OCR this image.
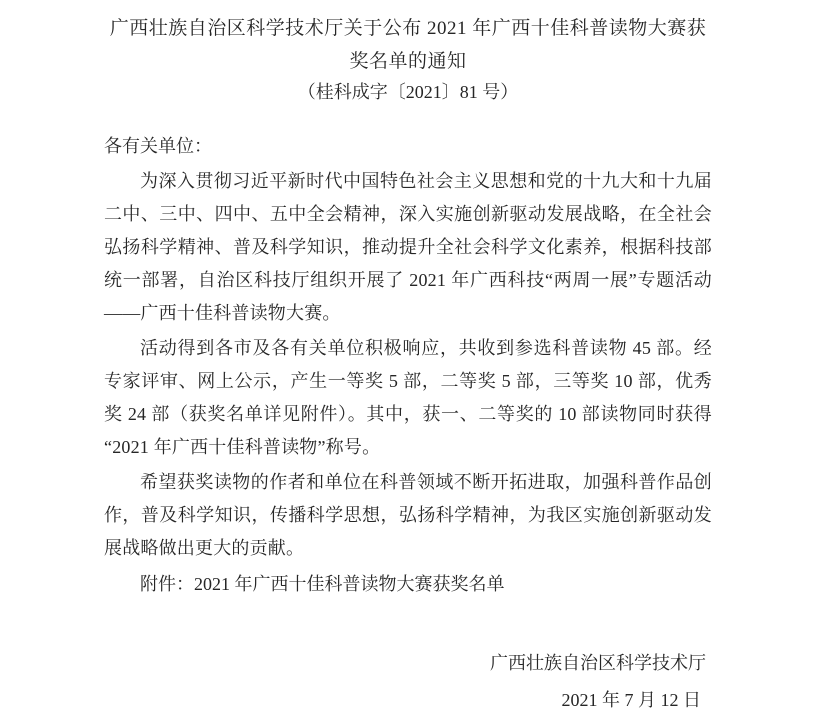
广西壮族自治区科学技术厅关于公布 2021 年广西十佳科普读物大赛获奖名单的通知
（桂科成字〔2021〕81 号）
各有关单位：

为深入贯彻习近平新时代中国特色社会主义思想和党的十九大和十九届二中、三中、四中、五中全会精神，深入实施创新驱动发展战略，在全社会弘扬科学精神、普及科学知识，推动提升全社会科学文化素养，根据科技部统一部署，自治区科技厅组织开展了 2021 年广西科技“两周一展”专题活动——广西十佳科普读物大赛。

活动得到各市及各有关单位积极响应，共收到参选科普读物 45 部。经专家评审、网上公示，产生一等奖 5 部，二等奖 5 部，三等奖 10 部，优秀奖 24 部（获奖名单详见附件）。其中，获一、二等奖的 10 部读物同时获得“2021 年广西十佳科普读物”称号。

希望获奖读物的作者和单位在科普领域不断开拓进取，加强科普作品创作，普及科学知识，传播科学思想，弘扬科学精神，为我区实施创新驱动发展战略做出更大的贡献。

附件：2021 年广西十佳科普读物大赛获奖名单
广西壮族自治区科学技术厅
2021 年 7 月 12 日
